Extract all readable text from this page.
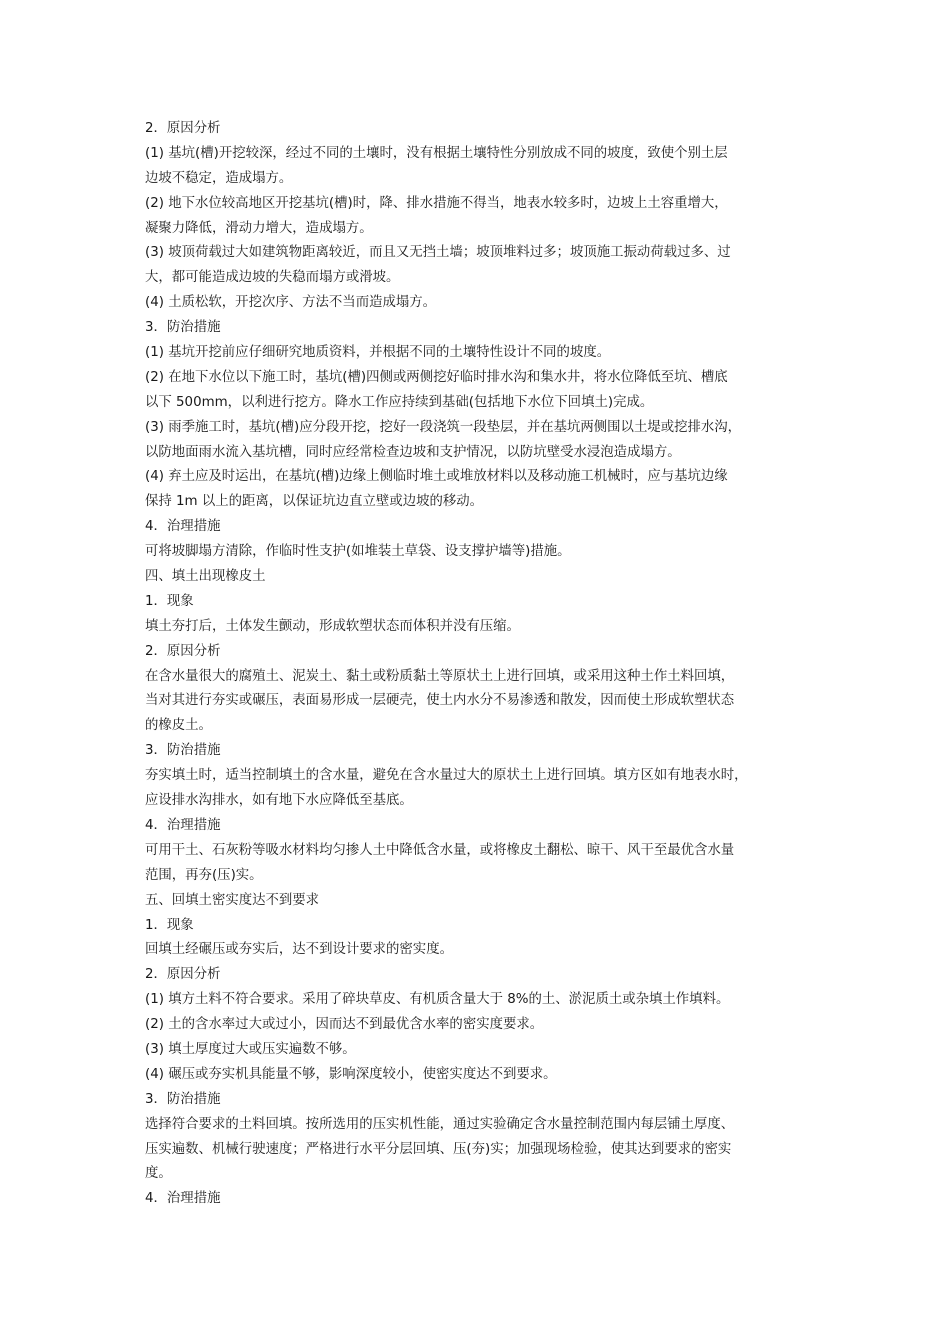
2．原因分析
(1) 基坑(槽)开挖较深，经过不同的土壤时，没有根据土壤特性分别放成不同的坡度，致使个别土层
边坡不稳定，造成塌方。
(2) 地下水位较高地区开挖基坑(槽)时，降、排水措施不得当，地表水较多时，边坡上土容重增大，
凝聚力降低，滑动力增大，造成塌方。
(3) 坡顶荷载过大如建筑物距离较近，而且又无挡土墙；坡顶堆料过多；坡顶施工振动荷载过多、过
大，都可能造成边坡的失稳而塌方或滑坡。
(4) 土质松软，开挖次序、方法不当而造成塌方。
3．防治措施
(1) 基坑开挖前应仔细研究地质资料，并根据不同的土壤特性设计不同的坡度。
(2) 在地下水位以下施工时，基坑(槽)四侧或两侧挖好临时排水沟和集水井，将水位降低至坑、槽底
以下 500mm，以利进行挖方。降水工作应持续到基础(包括地下水位下回填土)完成。
(3) 雨季施工时，基坑(槽)应分段开挖，挖好一段浇筑一段垫层，并在基坑两侧围以土堤或挖排水沟，
以防地面雨水流入基坑槽，同时应经常检查边坡和支护情况，以防坑壁受水浸泡造成塌方。
(4) 弃土应及时运出，在基坑(槽)边缘上侧临时堆土或堆放材料以及移动施工机械时，应与基坑边缘
保持 1m 以上的距离，以保证坑边直立壁或边坡的移动。
4．治理措施
可将坡脚塌方清除，作临时性支护(如堆装土草袋、设支撑护墙等)措施。
四、填土出现橡皮土
1．现象
填土夯打后，土体发生颤动，形成软塑状态而体积并没有压缩。
2．原因分析
在含水量很大的腐殖土、泥炭土、黏土或粉质黏土等原状土上进行回填，或采用这种土作土料回填，
当对其进行夯实或碾压，表面易形成一层硬壳，使土内水分不易渗透和散发，因而使土形成软塑状态
的橡皮土。
3．防治措施
夯实填土时，适当控制填土的含水量，避免在含水量过大的原状土上进行回填。填方区如有地表水时，
应设排水沟排水，如有地下水应降低至基底。
4．治理措施
可用干土、石灰粉等吸水材料均匀掺人土中降低含水量，或将橡皮土翻松、晾干、风干至最优含水量
范围，再夯(压)实。
五、回填土密实度达不到要求
1．现象
回填土经碾压或夯实后，达不到设计要求的密实度。
2．原因分析
(1) 填方土料不符合要求。采用了碎块草皮、有机质含量大于 8%的土、淤泥质土或杂填土作填料。
(2) 土的含水率过大或过小，因而达不到最优含水率的密实度要求。
(3) 填土厚度过大或压实遍数不够。
(4) 碾压或夯实机具能量不够，影响深度较小，使密实度达不到要求。
3．防治措施
选择符合要求的土料回填。按所选用的压实机性能，通过实验确定含水量控制范围内每层铺土厚度、
压实遍数、机械行驶速度；严格进行水平分层回填、压(夯)实；加强现场检验，使其达到要求的密实
度。
4．治理措施
